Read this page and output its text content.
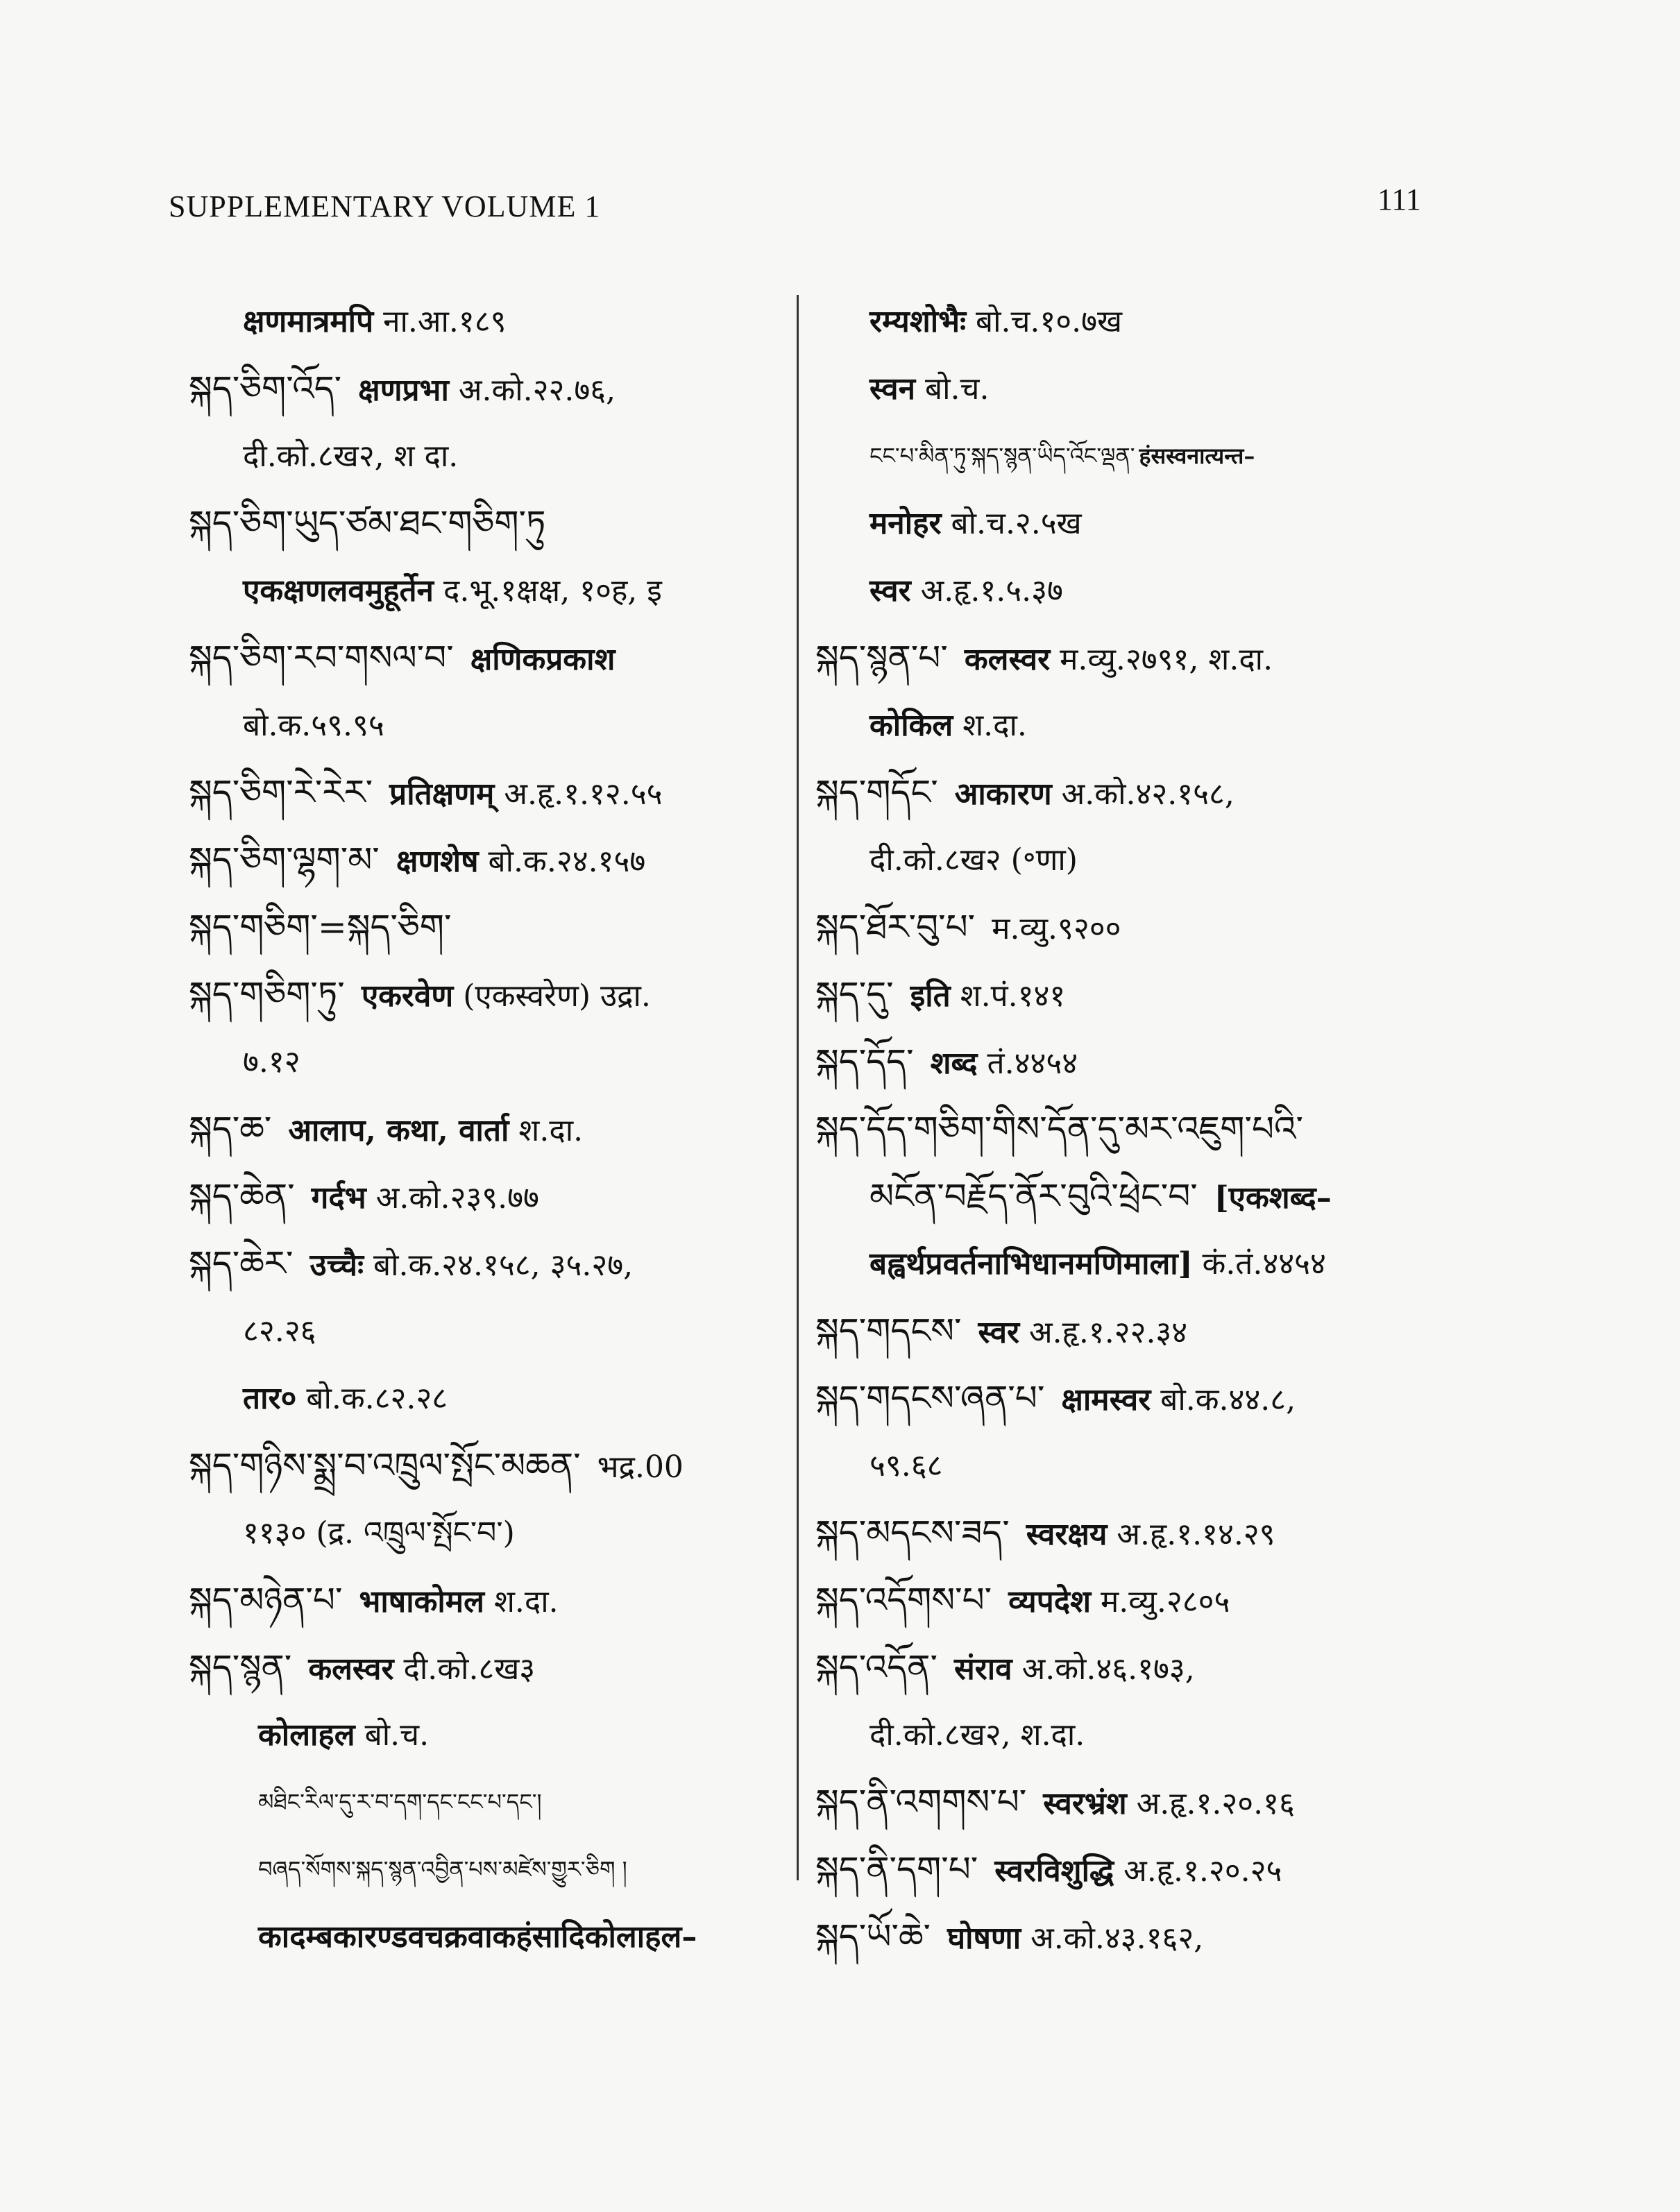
SUPPLEMENTARY VOLUME 1	111
क्षणमात्रमपि ना.आ.१८९
སྐད་ཅིག་འོད་ क्षणप्रभा अ.को.२२.७६,
दी.को.८ख२, श दा.
སྐད་ཅིག་ཡུད་ཙམ་ཐང་གཅིག་ཏུ
एकक्षणलवमुहूर्तेन द.भू.१क्षक्ष, १०ह, इ
སྐད་ཅིག་རབ་གསལ་བ་ क्षणिकप्रकाश
बो.क.५९.९५
སྐད་ཅིག་རེ་རེར་ प्रतिक्षणम् अ.हृ.१.१२.५५
སྐད་ཅིག་ལྷག་མ་ क्षणशेष बो.क.२४.१५७
སྐད་གཅིག་=སྐད་ཅིག་
སྐད་གཅིག་ཏུ་ एकरवेण (एकस्वरेण) उद्रा.
७.१२
སྐད་ཆ་ आलाप, कथा, वार्ता श.दा.
སྐད་ཆེན་ गर्दभ अ.को.२३९.७७
སྐད་ཆེར་ उच्चैः बो.क.२४.१५८, ३५.२७,
८२.२६
तार० बो.क.८२.२८
སྐད་གཉིས་སྨྲ་བ་འཁྲུལ་སྤོང་མཆན་ भद्र.00
११३० (द्र. འཁྲུལ་སྤོང་བ་)
སྐད་མཉེན་པ་ भाषाकोमल श.दा.
སྐད་སྙན་ कलस्वर दी.को.८ख३
कोलाहल बो.च.
མཐིང་རིལ་དུ་ར་བ་དག་དང་ངང་པ་དང་།
བཞད་སོགས་སྐད་སྙན་འབྱིན་པས་མཛེས་གྱུར་ཅིག །
कादम्बकारण्डवचक्रवाकहंसादिकोलाहल–
रम्यशोभैः बो.च.१०.७ख
स्वन बो.च.
ངང་པ་མིན་ཏུ་སྐད་སྙན་ཡིད་འོང་ལྡན་ हंसस्वनात्यन्त–
मनोहर बो.च.२.५ख
स्वर अ.हृ.१.५.३७
སྐད་སྙན་པ་ कलस्वर म.व्यु.२७९१, श.दा.
कोकिल श.दा.
སྐད་གདོང་ आकारण अ.को.४२.१५८,
दी.को.८ख२ (॰णा)
སྐད་ཐོར་བུ་པ་ म.व्यु.९२००
སྐད་དུ་ इति श.पं.१४१
སྐད་དོད་ शब्द तं.४४५४
སྐད་དོད་གཅིག་གིས་དོན་དུ་མར་འཇུག་པའི་
མངོན་བརྗོད་ནོར་བུའི་ཕྲེང་བ་ [एकशब्द–
बह्वर्थप्रवर्तनाभिधानमणिमाला] कं.तं.४४५४
སྐད་གདངས་ स्वर अ.हृ.१.२२.३४
སྐད་གདངས་ཞན་པ་ क्षामस्वर बो.क.४४.८,
५९.६८
སྐད་མདངས་ཟད་ स्वरक्षय अ.हृ.१.१४.२९
སྐད་འདོགས་པ་ व्यपदेश म.व्यु.२८०५
སྐད་འདོན་ संराव अ.को.४६.१७३,
दी.को.८ख२, श.दा.
སྐད་ནི་འགགས་པ་ स्वरभ्रंश अ.हृ.१.२०.१६
སྐད་ནི་དག་པ་ स्वरविशुद्धि अ.हृ.१.२०.२५
སྐད་ཡོ་ཆེ་ घोषणा अ.को.४३.१६२,
